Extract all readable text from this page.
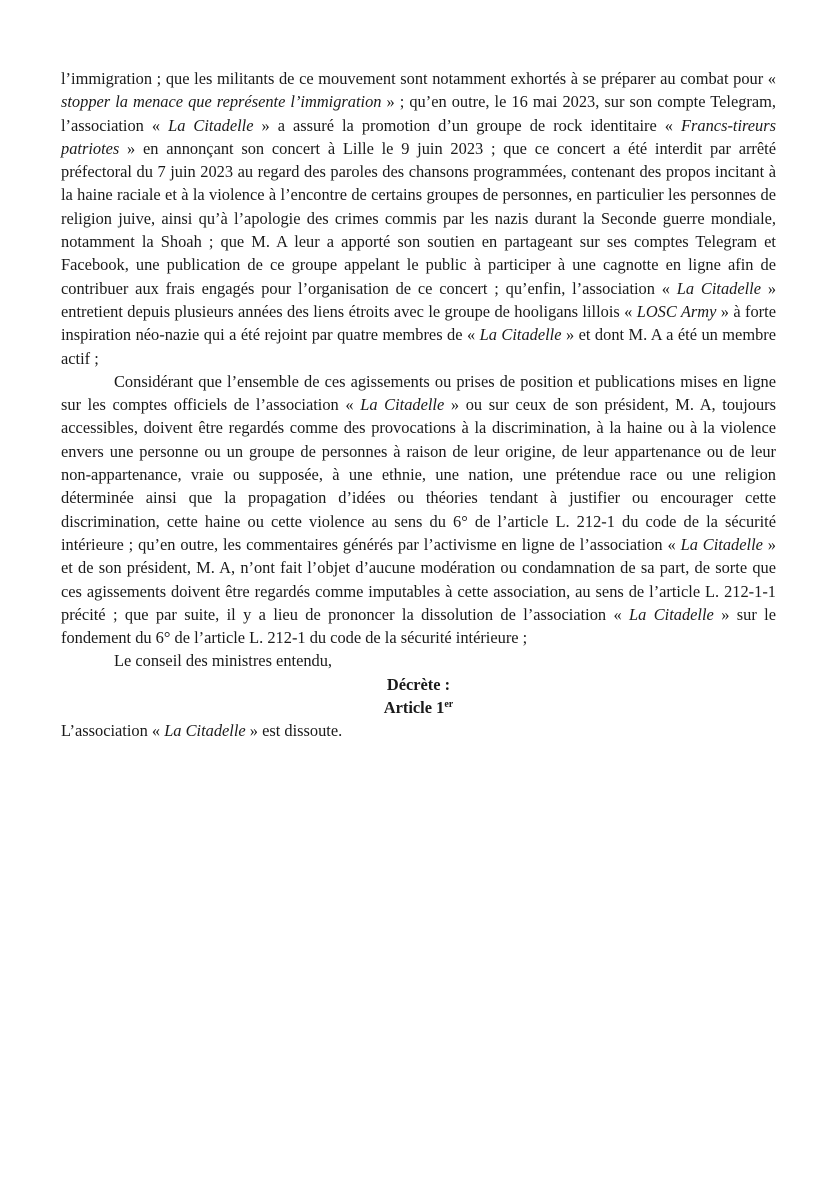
l’immigration ; que les militants de ce mouvement sont notamment exhortés à se préparer au combat pour « stopper la menace que représente l’immigration » ; qu’en outre, le 16 mai 2023, sur son compte Telegram, l’association « La Citadelle » a assuré la promotion d’un groupe de rock identitaire « Francs-tireurs patriotes » en annonçant son concert à Lille le 9 juin 2023 ; que ce concert a été interdit par arrêté préfectoral du 7 juin 2023 au regard des paroles des chansons programmées, contenant des propos incitant à la haine raciale et à la violence à l’encontre de certains groupes de personnes, en particulier les personnes de religion juive, ainsi qu’à l’apologie des crimes commis par les nazis durant la Seconde guerre mondiale, notamment la Shoah ; que M. A leur a apporté son soutien en partageant sur ses comptes Telegram et Facebook, une publication de ce groupe appelant le public à participer à une cagnotte en ligne afin de contribuer aux frais engagés pour l’organisation de ce concert ; qu’enfin, l’association « La Citadelle » entretient depuis plusieurs années des liens étroits avec le groupe de hooligans lillois « LOSC Army » à forte inspiration néo-nazie qui a été rejoint par quatre membres de « La Citadelle » et dont M. A a été un membre actif ;

Considérant que l’ensemble de ces agissements ou prises de position et publications mises en ligne sur les comptes officiels de l’association « La Citadelle » ou sur ceux de son président, M. A, toujours accessibles, doivent être regardés comme des provocations à la discrimination, à la haine ou à la violence envers une personne ou un groupe de personnes à raison de leur origine, de leur appartenance ou de leur non-appartenance, vraie ou supposée, à une ethnie, une nation, une prétendue race ou une religion déterminée ainsi que la propagation d’idées ou théories tendant à justifier ou encourager cette discrimination, cette haine ou cette violence au sens du 6° de l’article L. 212-1 du code de la sécurité intérieure ; qu’en outre, les commentaires générés par l’activisme en ligne de l’association « La Citadelle » et de son président, M. A, n’ont fait l’objet d’aucune modération ou condamnation de sa part, de sorte que ces agissements doivent être regardés comme imputables à cette association, au sens de l’article L. 212-1-1 précité ; que par suite, il y a lieu de prononcer la dissolution de l’association « La Citadelle » sur le fondement du 6° de l’article L. 212-1 du code de la sécurité intérieure ;

Le conseil des ministres entendu,

Décrète :

Article 1er

L’association « La Citadelle » est dissoute.
